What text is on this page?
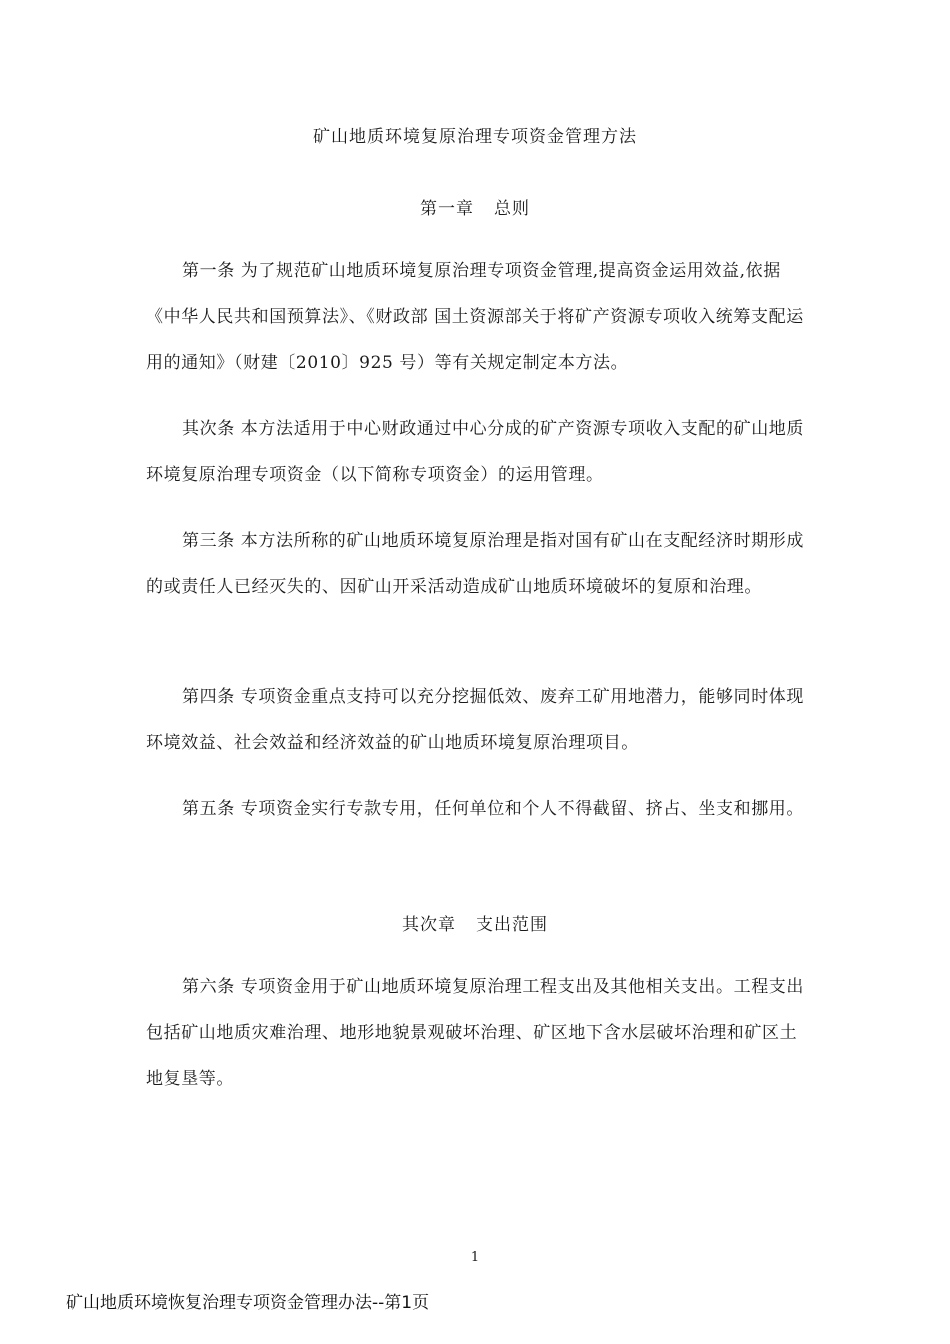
矿山地质环境复原治理专项资金管理方法
第一章 总则

第一条 为了规范矿山地质环境复原治理专项资金管理,提高资金运用效益,依据《中华人民共和国预算法》、《财政部 国土资源部关于将矿产资源专项收入统筹支配运用的通知》（财建〔2010〕925 号）等有关规定制定本方法。

其次条 本方法适用于中心财政通过中心分成的矿产资源专项收入支配的矿山地质环境复原治理专项资金（以下简称专项资金）的运用管理。

第三条 本方法所称的矿山地质环境复原治理是指对国有矿山在支配经济时期形成的或责任人已经灭失的、因矿山开采活动造成矿山地质环境破坏的复原和治理。

第四条 专项资金重点支持可以充分挖掘低效、废弃工矿用地潜力，能够同时体现环境效益、社会效益和经济效益的矿山地质环境复原治理项目。

第五条 专项资金实行专款专用，任何单位和个人不得截留、挤占、坐支和挪用。

其次章 支出范围

第六条 专项资金用于矿山地质环境复原治理工程支出及其他相关支出。工程支出包括矿山地质灾难治理、地形地貌景观破坏治理、矿区地下含水层破坏治理和矿区土地复垦等。

1
矿山地质环境恢复治理专项资金管理办法--第1页
